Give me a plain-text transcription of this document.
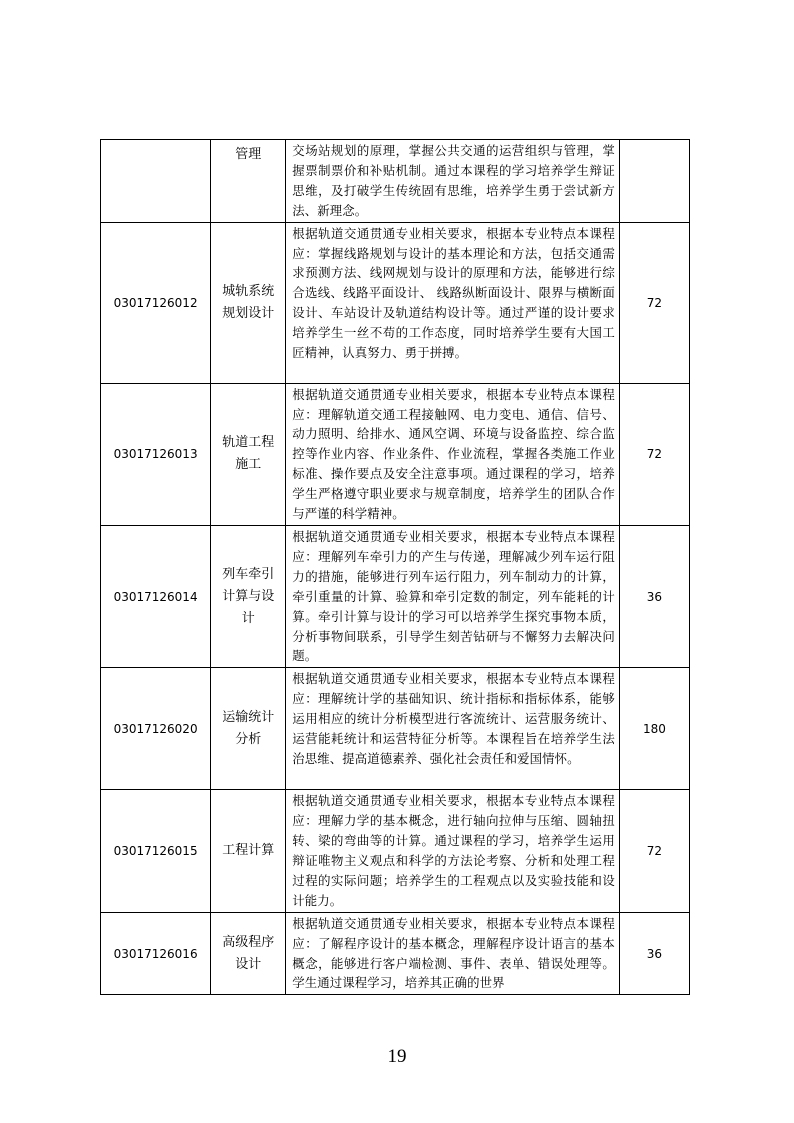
	管理	交场站规划的原理，掌握公共交通的运营组织与管理，掌握票制票价和补贴机制。通过本课程的学习培养学生辩证思维，及打破学生传统固有思维，培养学生勇于尝试新方法、新理念。	
03017126012	城轨系统规划设计	根据轨道交通贯通专业相关要求，根据本专业特点本课程应：掌握线路规划与设计的基本理论和方法，包括交通需求预测方法、线网规划与设计的原理和方法，能够进行综合选线、线路平面设计、 线路纵断面设计、限界与横断面设计、车站设计及轨道结构设计等。通过严谨的设计要求培养学生一丝不苟的工作态度，同时培养学生要有大国工匠精神，认真努力、勇于拼搏。	72
03017126013	轨道工程施工	根据轨道交通贯通专业相关要求，根据本专业特点本课程应：理解轨道交通工程接触网、电力变电、通信、信号、动力照明、给排水、通风空调、环境与设备监控、综合监控等作业内容、作业条件、作业流程，掌握各类施工作业标准、操作要点及安全注意事项。通过课程的学习，培养学生严格遵守职业要求与规章制度，培养学生的团队合作与严谨的科学精神。	72
03017126014	列车牵引计算与设计	根据轨道交通贯通专业相关要求，根据本专业特点本课程应：理解列车牵引力的产生与传递，理解减少列车运行阻力的措施，能够进行列车运行阻力，列车制动力的计算，牵引重量的计算、验算和牵引定数的制定，列车能耗的计算。牵引计算与设计的学习可以培养学生探究事物本质，分析事物间联系，引导学生刻苦钻研与不懈努力去解决问题。	36
03017126020	运输统计分析	根据轨道交通贯通专业相关要求，根据本专业特点本课程应：理解统计学的基础知识、统计指标和指标体系，能够运用相应的统计分析模型进行客流统计、运营服务统计、运营能耗统计和运营特征分析等。本课程旨在培养学生法治思维、提高道德素养、强化社会责任和爱国情怀。	180
03017126015	工程计算	根据轨道交通贯通专业相关要求，根据本专业特点本课程应：理解力学的基本概念，进行轴向拉伸与压缩、圆轴扭转、梁的弯曲等的计算。通过课程的学习，培养学生运用辩证唯物主义观点和科学的方法论考察、分析和处理工程过程的实际问题；培养学生的工程观点以及实验技能和设计能力。	72
03017126016	高级程序设计	根据轨道交通贯通专业相关要求，根据本专业特点本课程应：了解程序设计的基本概念，理解程序设计语言的基本概念，能够进行客户端检测、事件、表单、错误处理等。学生通过课程学习，培养其正确的世界	36
19
